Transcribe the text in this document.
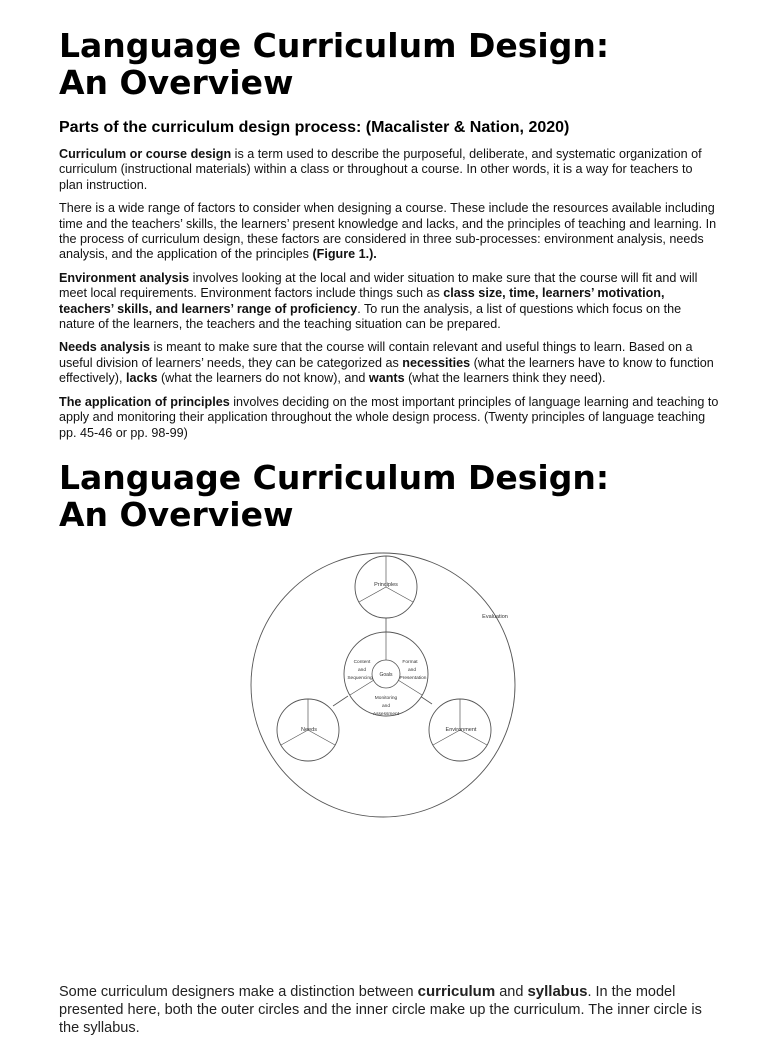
Language Curriculum Design:
An Overview
Parts of the curriculum design process: (Macalister & Nation, 2020)

Curriculum or course design is a term used to describe the purposeful, deliberate, and systematic organization of curriculum (instructional materials) within a class or throughout a course. In other words, it is a way for teachers to plan instruction.

There is a wide range of factors to consider when designing a course. These include the resources available including time and the teachers’ skills, the learners’ present knowledge and lacks, and the principles of teaching and learning. In the process of curriculum design, these factors are considered in three sub-processes: environment analysis, needs analysis, and the application of the principles (Figure 1.).

Environment analysis involves looking at the local and wider situation to make sure that the course will fit and will meet local requirements. Environment factors include things such as class size, time, learners’ motivation, teachers’ skills, and learners’ range of proficiency. To run the analysis, a list of questions which focus on the nature of the learners, the teachers and the teaching situation can be prepared.

Needs analysis is meant to make sure that the course will contain relevant and useful things to learn. Based on a useful division of learners’ needs, they can be categorized as necessities (what the learners have to know to function effectively), lacks (what the learners do not know), and wants (what the learners think they need).

The application of principles involves deciding on the most important principles of language learning and teaching to apply and monitoring their application throughout the whole design process. (Twenty principles of language teaching pp. 45-46 or pp. 98-99)

Language Curriculum Design:
An Overview
Principles
Evaluation
Content
and
Sequencing
Goals
Format
and
Presentation
Monitoring
and
Assessment
Needs	Environment
Some curriculum designers make a distinction between curriculum and syllabus. In the model presented here, both the outer circles and the inner circle make up the curriculum. The inner circle is the syllabus.
